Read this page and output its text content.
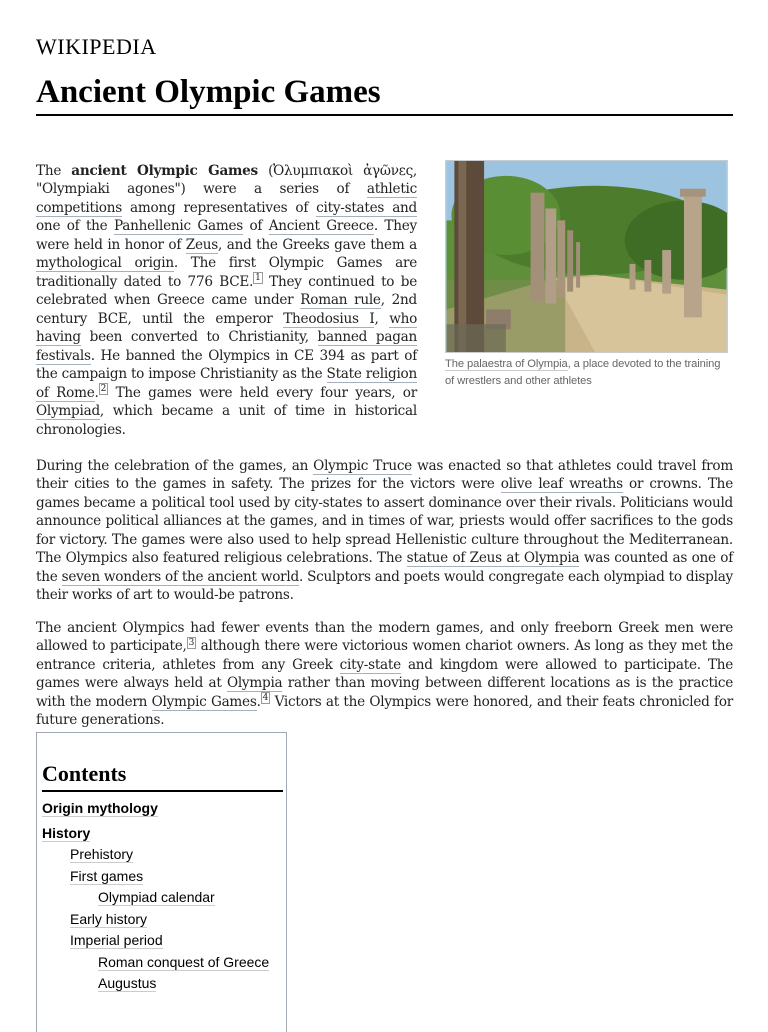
WIKIPEDIA
Ancient Olympic Games

The ancient Olympic Games (Ὀλυμπιακοὶ ἀγῶνες, "Olympiaki agones") were a series of athletic competitions among representatives of city-states and one of the Panhellenic Games of Ancient Greece. They were held in honor of Zeus, and the Greeks gave them a mythological origin. The first Olympic Games are traditionally dated to 776 BCE. $^1$ They continued to be celebrated when Greece came under Roman rule, 2nd century BCE, until the emperor Theodosius I, who having been converted to Christianity, banned pagan festivals. He banned the Olympics in CE 394 as part of the campaign to impose Christianity as the State religion of Rome. $^2$ The games were held every four years, or Olympiad, which became a unit of time in historical chronologies.

The palaestra of Olympia, a place devoted to the training of wrestlers and other athletes

During the celebration of the games, an Olympic Truce was enacted so that athletes could travel from their cities to the games in safety. The prizes for the victors were olive leaf wreaths or crowns. The games became a political tool used by city-states to assert dominance over their rivals. Politicians would announce political alliances at the games, and in times of war, priests would offer sacrifices to the gods for victory. The games were also used to help spread Hellenistic culture throughout the Mediterranean. The Olympics also featured religious celebrations. The statue of Zeus at Olympia was counted as one of the seven wonders of the ancient world. Sculptors and poets would congregate each olympiad to display their works of art to would-be patrons.

The ancient Olympics had fewer events than the modern games, and only freeborn Greek men were allowed to participate, $^3$ although there were victorious women chariot owners. As long as they met the entrance criteria, athletes from any Greek city-state and kingdom were allowed to participate. The games were always held at Olympia rather than moving between different locations as is the practice with the modern Olympic Games. $^4$ Victors at the Olympics were honored, and their feats chronicled for future generations.

Contents
Origin mythology
History
Prehistory
First games
Olympiad calendar
Early history
Imperial period
Roman conquest of Greece
Augustus
